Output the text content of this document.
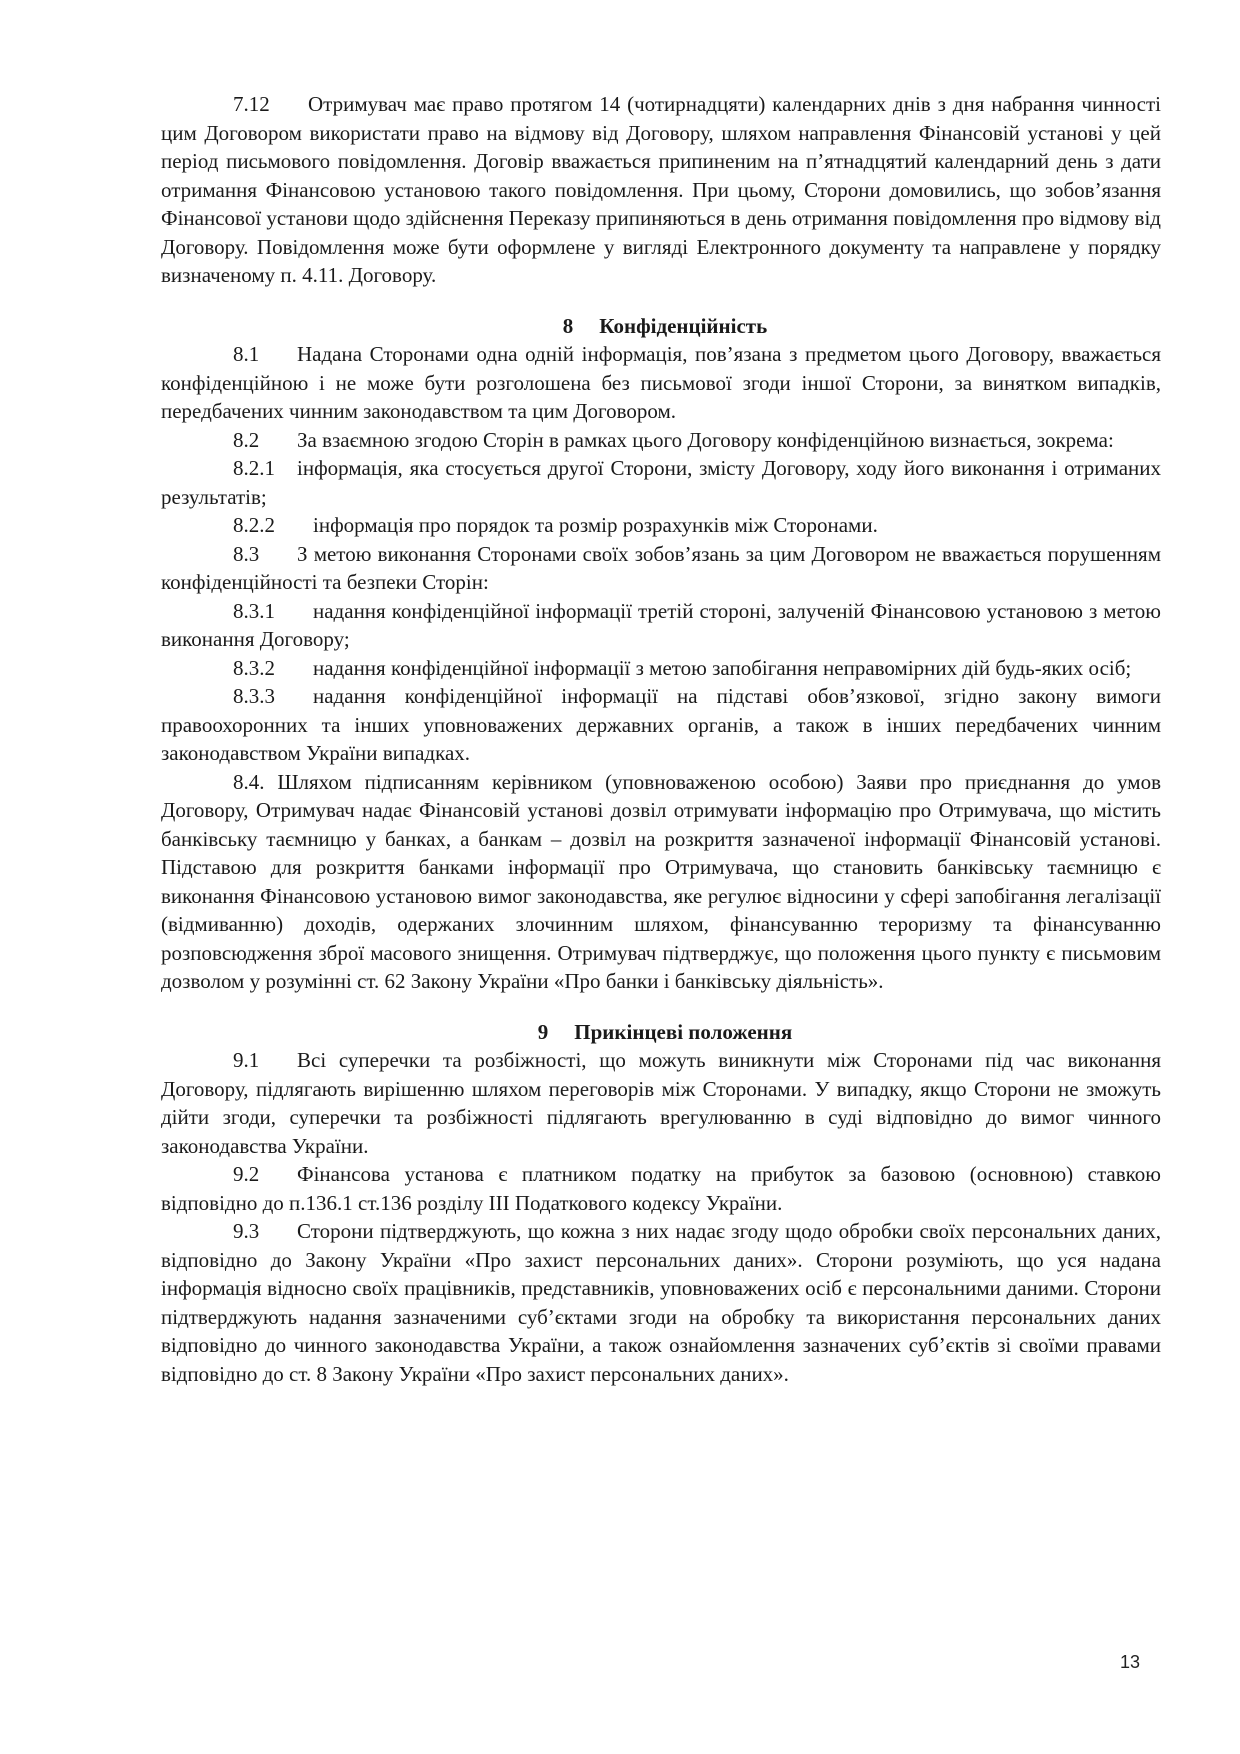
7.12 Отримувач має право протягом 14 (чотирнадцяти) календарних днів з дня набрання чинності цим Договором використати право на відмову від Договору, шляхом направлення Фінансовій установі у цей період письмового повідомлення. Договір вважається припиненим на п’ятнадцятий календарний день з дати отримання Фінансовою установою такого повідомлення. При цьому, Сторони домовились, що зобов’язання Фінансової установи щодо здійснення Переказу припиняються в день отримання повідомлення про відмову від Договору. Повідомлення може бути оформлене у вигляді Електронного документу та направлене у порядку визначеному п. 4.11. Договору.

8 Конфіденційність

8.1 Надана Сторонами одна одній інформація, пов’язана з предметом цього Договору, вважається конфіденційною і не може бути розголошена без письмової згоди іншої Сторони, за винятком випадків, передбачених чинним законодавством та цим Договором.

8.2 За взаємною згодою Сторін в рамках цього Договору конфіденційною визнається, зокрема:

8.2.1 інформація, яка стосується другої Сторони, змісту Договору, ходу його виконання і отриманих результатів;

8.2.2 інформація про порядок та розмір розрахунків між Сторонами.

8.3 З метою виконання Сторонами своїх зобов’язань за цим Договором не вважається порушенням конфіденційності та безпеки Сторін:

8.3.1 надання конфіденційної інформації третій стороні, залученій Фінансовою установою з метою виконання Договору;

8.3.2 надання конфіденційної інформації з метою запобігання неправомірних дій будь-яких осіб;

8.3.3 надання конфіденційної інформації на підставі обов’язкової, згідно закону вимоги правоохоронних та інших уповноважених державних органів, а також в інших передбачених чинним законодавством України випадках.

8.4. Шляхом підписанням керівником (уповноваженою особою) Заяви про приєднання до умов Договору, Отримувач надає Фінансовій установі дозвіл отримувати інформацію про Отримувача, що містить банківську таємницю у банках, а банкам – дозвіл на розкриття зазначеної інформації Фінансовій установі. Підставою для розкриття банками інформації про Отримувача, що становить банківську таємницю є виконання Фінансовою установою вимог законодавства, яке регулює відносини у сфері запобігання легалізації (відмиванню) доходів, одержаних злочинним шляхом, фінансуванню тероризму та фінансуванню розповсюдження зброї масового знищення. Отримувач підтверджує, що положення цього пункту є письмовим дозволом у розумінні ст. 62 Закону України «Про банки і банківську діяльність».

9 Прикінцеві положення

9.1 Всі суперечки та розбіжності, що можуть виникнути між Сторонами під час виконання Договору, підлягають вирішенню шляхом переговорів між Сторонами. У випадку, якщо Сторони не зможуть дійти згоди, суперечки та розбіжності підлягають врегулюванню в суді відповідно до вимог чинного законодавства України.

9.2 Фінансова установа є платником податку на прибуток за базовою (основною) ставкою відповідно до п.136.1 ст.136 розділу III Податкового кодексу України.

9.3 Сторони підтверджують, що кожна з них надає згоду щодо обробки своїх персональних даних, відповідно до Закону України «Про захист персональних даних». Сторони розуміють, що уся надана інформація відносно своїх працівників, представників, уповноважених осіб є персональними даними. Сторони підтверджують надання зазначеними суб’єктами згоди на обробку та використання персональних даних відповідно до чинного законодавства України, а також ознайомлення зазначених суб’єктів зі своїми правами відповідно до ст. 8 Закону України «Про захист персональних даних».

13
